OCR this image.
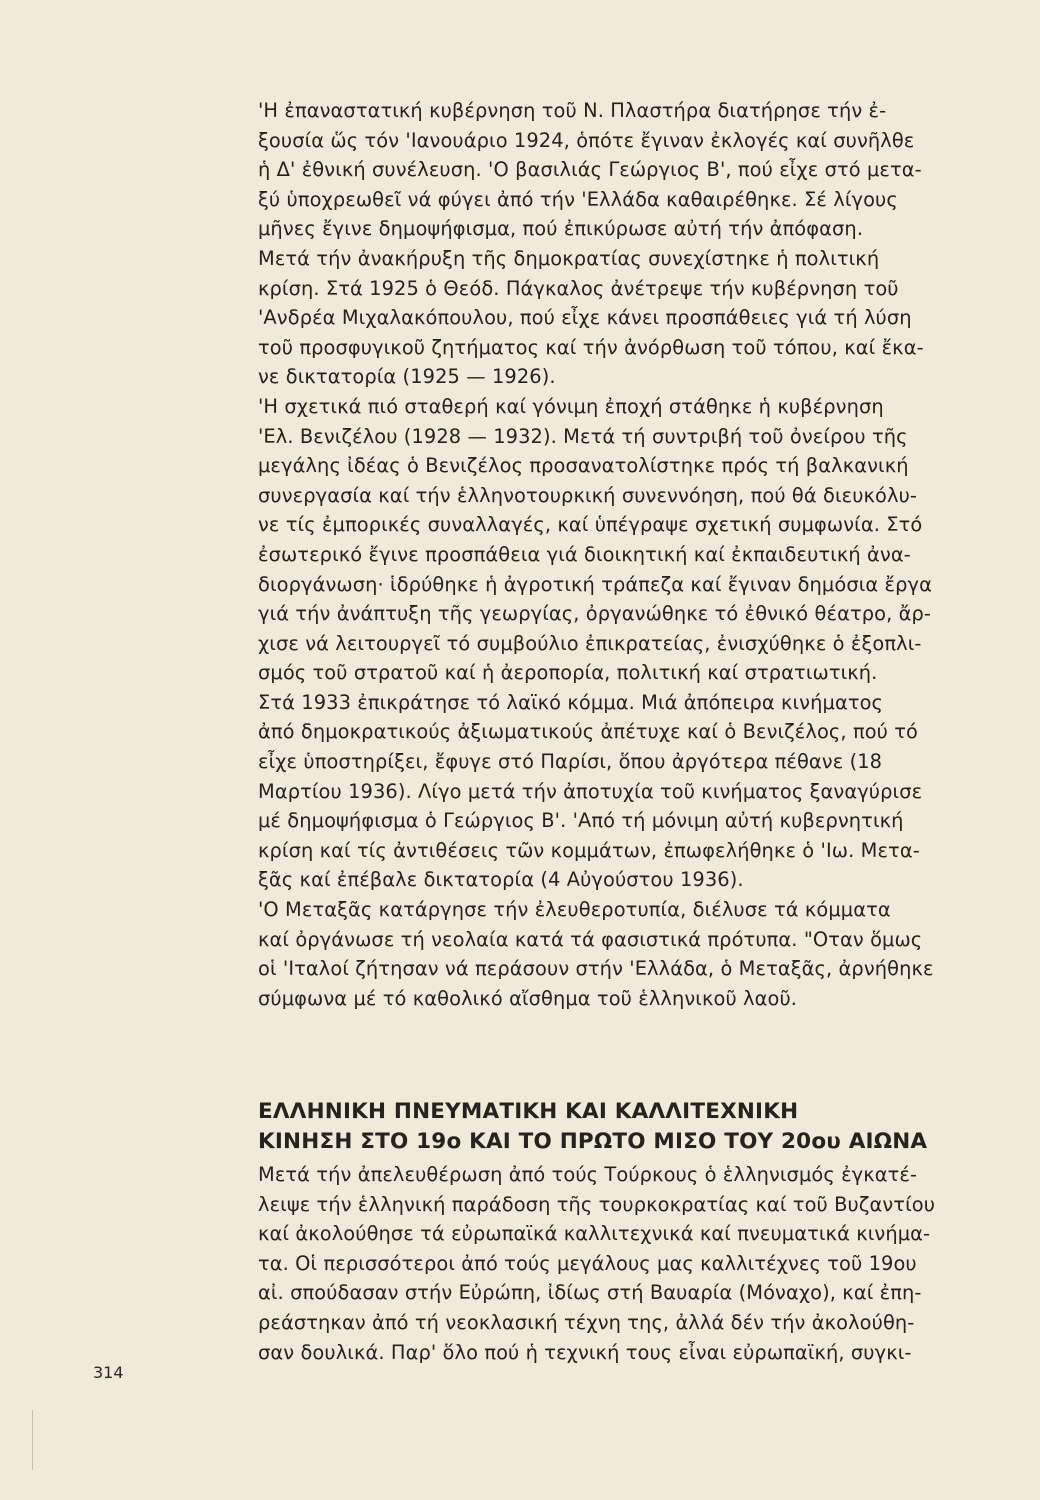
'Η ἐπαναστατική κυβέρνηση τοῦ Ν. Πλαστήρα διατήρησε τήν ἐ-
ξουσία ὥς τόν 'Ιανουάριο 1924, ὁπότε ἔγιναν ἐκλογές καί συνῆλθε
ἡ Δ' ἐθνική συνέλευση. 'Ο βασιλιάς Γεώργιος Β', πού εἶχε στό μετα-
ξύ ὑποχρεωθεῖ νά φύγει ἀπό τήν 'Ελλάδα καθαιρέθηκε. Σέ λίγους
μῆνες ἔγινε δημοψήφισμα, πού ἐπικύρωσε αὐτή τήν ἀπόφαση.
Μετά τήν ἀνακήρυξη τῆς δημοκρατίας συνεχίστηκε ἡ πολιτική
κρίση. Στά 1925 ὁ Θεόδ. Πάγκαλος ἀνέτρεψε τήν κυβέρνηση τοῦ
'Ανδρέα Μιχαλακόπουλου, πού εἶχε κάνει προσπάθειες γιά τή λύση
τοῦ προσφυγικοῦ ζητήματος καί τήν ἀνόρθωση τοῦ τόπου, καί ἔκα-
νε δικτατορία (1925 — 1926).
'Η σχετικά πιό σταθερή καί γόνιμη ἐποχή στάθηκε ἡ κυβέρνηση
'Ελ. Βενιζέλου (1928 — 1932). Μετά τή συντριβή τοῦ ὀνείρου τῆς
μεγάλης ἰδέας ὁ Βενιζέλος προσανατολίστηκε πρός τή βαλκανική
συνεργασία καί τήν ἑλληνοτουρκική συνεννόηση, πού θά διευκόλυ-
νε τίς ἐμπορικές συναλλαγές, καί ὑπέγραψε σχετική συμφωνία. Στό
ἐσωτερικό ἔγινε προσπάθεια γιά διοικητική καί ἐκπαιδευτική ἀνα-
διοργάνωση· ἱδρύθηκε ἡ ἀγροτική τράπεζα καί ἔγιναν δημόσια ἔργα
γιά τήν ἀνάπτυξη τῆς γεωργίας, ὀργανώθηκε τό ἐθνικό θέατρο, ἄρ-
χισε νά λειτουργεῖ τό συμβούλιο ἐπικρατείας, ἐνισχύθηκε ὁ ἐξοπλι-
σμός τοῦ στρατοῦ καί ἡ ἀεροπορία, πολιτική καί στρατιωτική.
Στά 1933 ἐπικράτησε τό λαϊκό κόμμα. Μιά ἀπόπειρα κινήματος
ἀπό δημοκρατικούς ἀξιωματικούς ἀπέτυχε καί ὁ Βενιζέλος, πού τό
εἶχε ὑποστηρίξει, ἔφυγε στό Παρίσι, ὅπου ἀργότερα πέθανε (18
Μαρτίου 1936). Λίγο μετά τήν ἀποτυχία τοῦ κινήματος ξαναγύρισε
μέ δημοψήφισμα ὁ Γεώργιος Β'. 'Από τή μόνιμη αὐτή κυβερνητική
κρίση καί τίς ἀντιθέσεις τῶν κομμάτων, ἐπωφελήθηκε ὁ 'Ιω. Μετα-
ξᾶς καί ἐπέβαλε δικτατορία (4 Αὐγούστου 1936).
'Ο Μεταξᾶς κατάργησε τήν ἐλευθεροτυπία, διέλυσε τά κόμματα
καί ὀργάνωσε τή νεολαία κατά τά φασιστικά πρότυπα. "Οταν ὅμως
οἱ 'Ιταλοί ζήτησαν νά περάσουν στήν 'Ελλάδα, ὁ Μεταξᾶς, ἀρνήθηκε
σύμφωνα μέ τό καθολικό αἴσθημα τοῦ ἑλληνικοῦ λαοῦ.
ΕΛΛΗΝΙΚΗ ΠΝΕΥΜΑΤΙΚΗ ΚΑΙ ΚΑΛΛΙΤΕΧΝΙΚΗ
ΚΙΝΗΣΗ ΣΤΟ 19ο ΚΑΙ ΤΟ ΠΡΩΤΟ ΜΙΣΟ ΤΟΥ 20ου ΑΙΩΝΑ
Μετά τήν ἀπελευθέρωση ἀπό τούς Τούρκους ὁ ἑλληνισμός ἐγκατέ-
λειψε τήν ἑλληνική παράδοση τῆς τουρκοκρατίας καί τοῦ Βυζαντίου
καί ἀκολούθησε τά εὐρωπαϊκά καλλιτεχνικά καί πνευματικά κινήμα-
τα. Οἱ περισσότεροι ἀπό τούς μεγάλους μας καλλιτέχνες τοῦ 19ου
αἰ. σπούδασαν στήν Εὐρώπη, ἰδίως στή Βαυαρία (Μόναχο), καί ἐπη-
ρεάστηκαν ἀπό τή νεοκλασική τέχνη της, ἀλλά δέν τήν ἀκολούθη-
σαν δουλικά. Παρ' ὅλο πού ἡ τεχνική τους εἶναι εὐρωπαϊκή, συγκι-
314
